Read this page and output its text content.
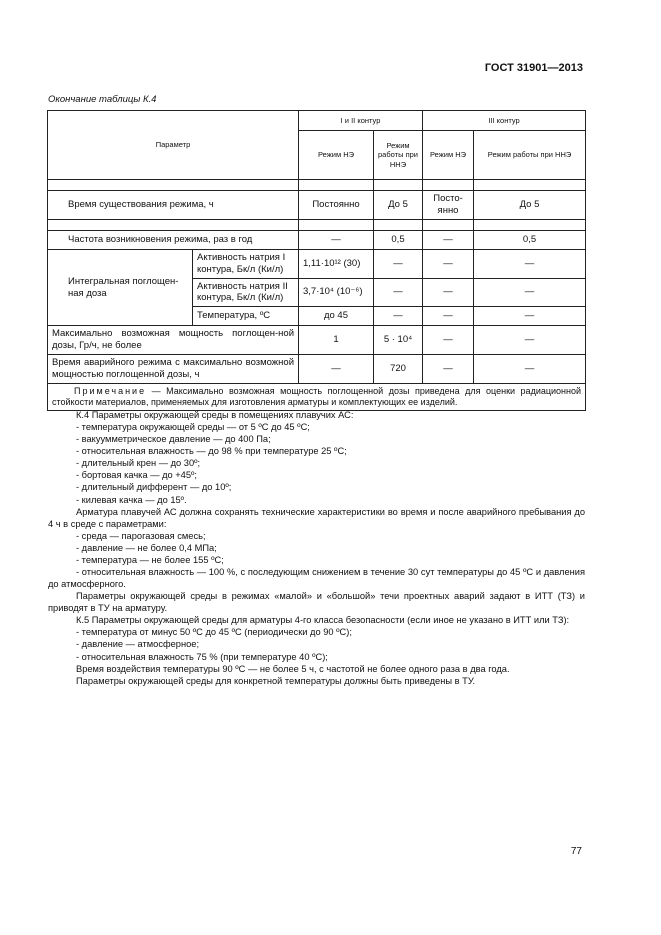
ГОСТ 31901—2013
Окончание таблицы К.4
Параметр		I и II контур		III контур	
		Режим НЭ	Режим работы при ННЭ	Режим НЭ	Режим работы при ННЭ

Время существования режима, ч		Постоянно	До 5	Посто-янно	До 5

Частота возникновения режима, раз в год		—	0,5	—	0,5
Интегральная поглощен-ная доза	Активность натрия I контура, Бк/л (Ки/л)	1,11·10¹² (30)	—	—	—
	Активность натрия II контура, Бк/л (Ки/л)	3,7·10⁴ (10⁻⁶)	—	—	—
	Температура, ºС	до 45	—	—	—
Максимально возможная мощность поглощен-ной дозы, Гр/ч, не более		1	5 · 10⁴	—	—
Время аварийного режима с максимально возможной мощностью поглощенной дозы, ч		—	720	—	—
Примечание — Максимально возможная мощность поглощенной дозы приведена для оценки радиационной стойкости материалов, применяемых для изготовления арматуры и комплектующих ее изделий.					

К.4 Параметры окружающей среды в помещениях плавучих АС:

- температура окружающей среды — от 5 ºС до 45 ºС;

- вакуумметрическое давление — до 400 Па;

- относительная влажность — до 98 % при температуре 25 ºС;

- длительный крен — до 30º;

- бортовая качка — до +45º;

- длительный дифферент — до 10º;

- килевая качка — до 15º.

Арматура плавучей АС должна сохранять технические характеристики во время и после аварийного пребывания до 4 ч в среде с параметрами:

- среда — парогазовая смесь;

- давление — не более 0,4 МПа;

- температура — не более 155 ºС;

- относительная влажность — 100 %, с последующим снижением в течение 30 сут температуры до 45 ºС и давления до атмосферного.

Параметры окружающей среды в режимах «малой» и «большой» течи проектных аварий задают в ИТТ (ТЗ) и приводят в ТУ на арматуру.

К.5 Параметры окружающей среды для арматуры 4-го класса безопасности (если иное не указано в ИТТ или ТЗ):

- температура от минус 50 ºС до 45 ºС (периодически до 90 ºС);

- давление — атмосферное;

- относительная влажность 75 % (при температуре 40 ºС);

Время воздействия температуры 90 ºС — не более 5 ч, с частотой не более одного раза в два года.

Параметры окружающей среды для конкретной температуры должны быть приведены в ТУ.

77
